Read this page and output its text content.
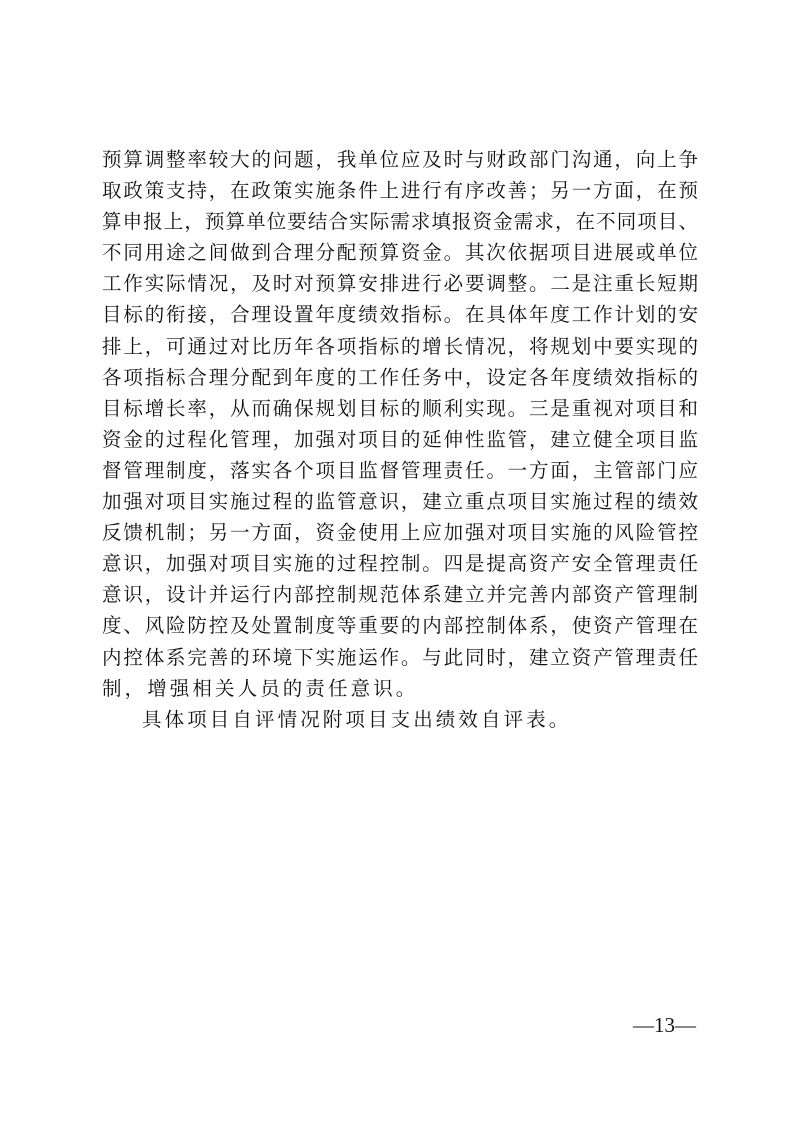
预算调整率较大的问题，我单位应及时与财政部门沟通，向上争
取政策支持，在政策实施条件上进行有序改善；另一方面，在预
算申报上，预算单位要结合实际需求填报资金需求，在不同项目、
不同用途之间做到合理分配预算资金。其次依据项目进展或单位
工作实际情况，及时对预算安排进行必要调整。二是注重长短期
目标的衔接，合理设置年度绩效指标。在具体年度工作计划的安
排上，可通过对比历年各项指标的增长情况，将规划中要实现的
各项指标合理分配到年度的工作任务中，设定各年度绩效指标的
目标增长率，从而确保规划目标的顺利实现。三是重视对项目和
资金的过程化管理，加强对项目的延伸性监管，建立健全项目监
督管理制度，落实各个项目监督管理责任。一方面，主管部门应
加强对项目实施过程的监管意识，建立重点项目实施过程的绩效
反馈机制；另一方面，资金使用上应加强对项目实施的风险管控
意识，加强对项目实施的过程控制。四是提高资产安全管理责任
意识，设计并运行内部控制规范体系建立并完善内部资产管理制
度、风险防控及处置制度等重要的内部控制体系，使资产管理在
内控体系完善的环境下实施运作。与此同时，建立资产管理责任
制，增强相关人员的责任意识。
具体项目自评情况附项目支出绩效自评表。
—13—
